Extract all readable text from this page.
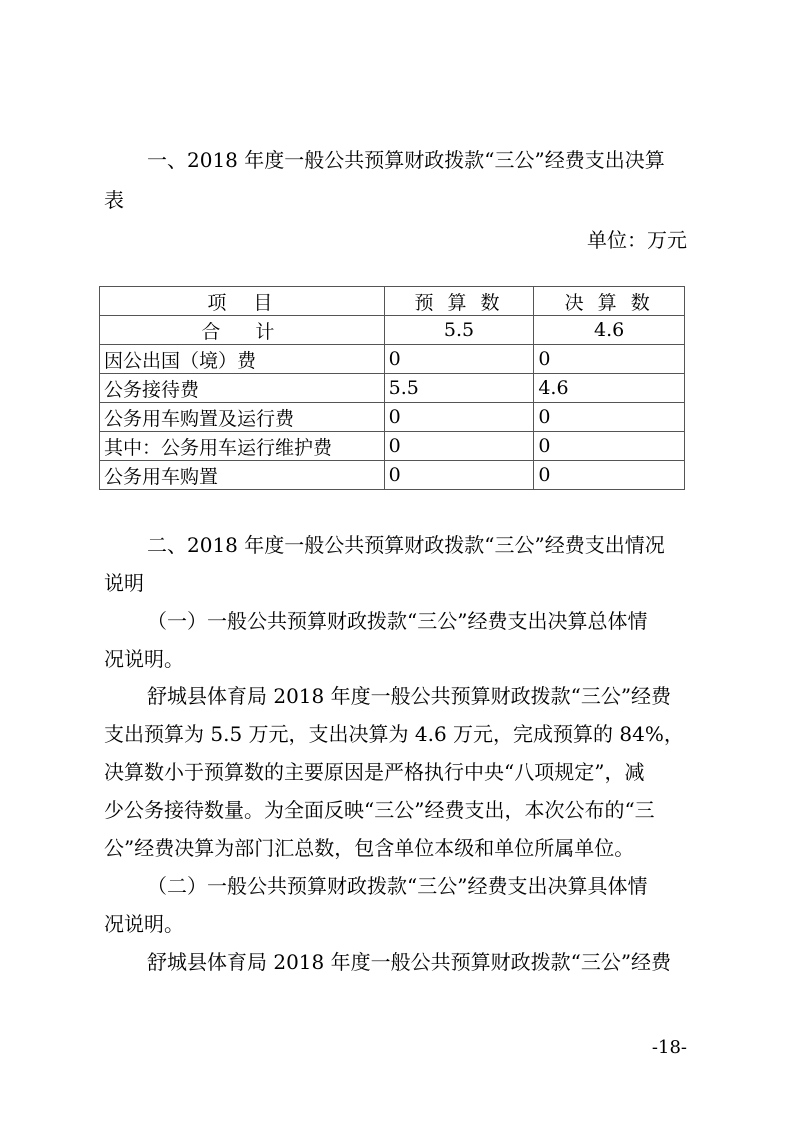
一、2018 年度一般公共预算财政拨款“三公”经费支出决算
表
单位：万元
项　目	预 算 数	决 算 数
合　计	5.5	4.6
因公出国（境）费	0	0
公务接待费	5.5	4.6
公务用车购置及运行费	0	0
其中：公务用车运行维护费	0	0
公务用车购置	0	0
二、2018 年度一般公共预算财政拨款“三公”经费支出情况
说明
（一）一般公共预算财政拨款“三公”经费支出决算总体情
况说明。
舒城县体育局 2018 年度一般公共预算财政拨款“三公”经费
支出预算为 5.5 万元，支出决算为 4.6 万元，完成预算的 84%，
决算数小于预算数的主要原因是严格执行中央“八项规定”，减
少公务接待数量。为全面反映“三公”经费支出，本次公布的“三
公”经费决算为部门汇总数，包含单位本级和单位所属单位。
（二）一般公共预算财政拨款“三公”经费支出决算具体情
况说明。
舒城县体育局 2018 年度一般公共预算财政拨款“三公”经费
-18-
